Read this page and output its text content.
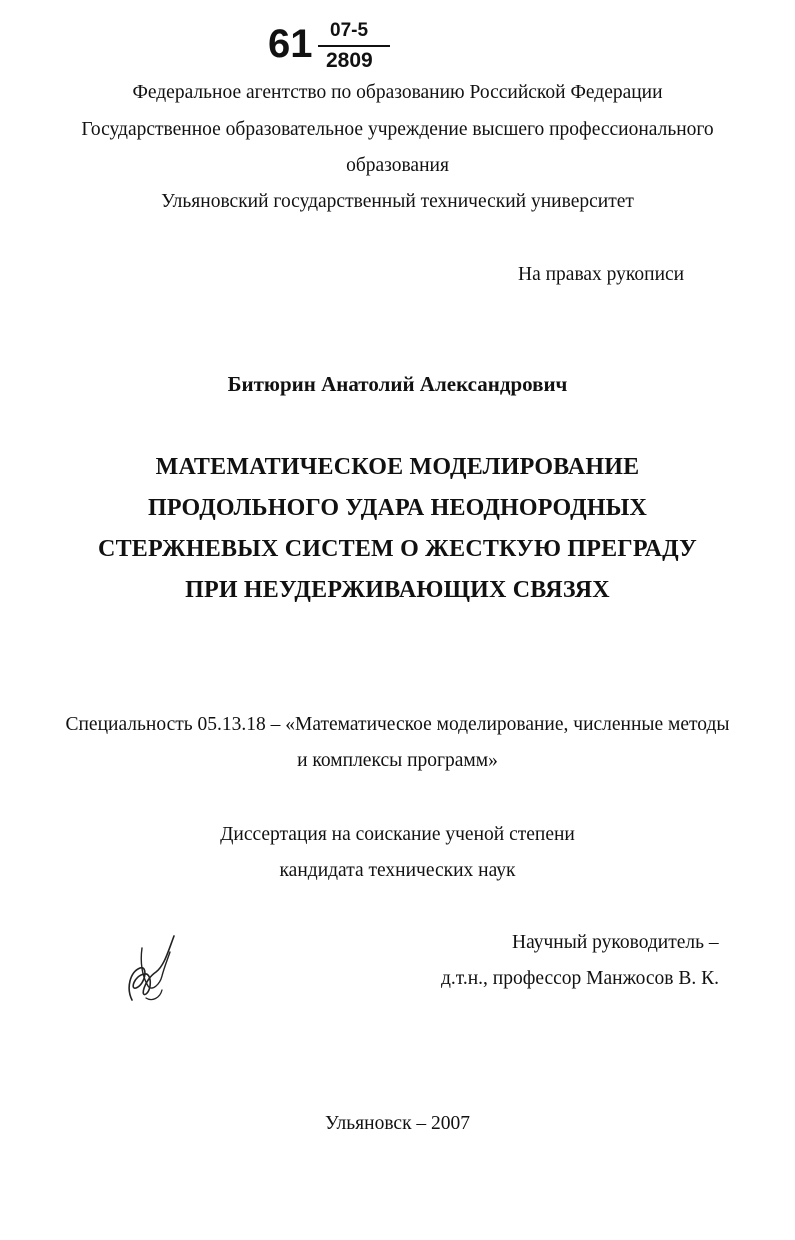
61 07-5
2809
Федеральное агентство по образованию Российской Федерации
Государственное образовательное учреждение высшего профессионального
образования
Ульяновский государственный технический университет
На правах рукописи
Битюрин Анатолий Александрович
МАТЕМАТИЧЕСКОЕ МОДЕЛИРОВАНИЕ
ПРОДОЛЬНОГО УДАРА НЕОДНОРОДНЫХ
СТЕРЖНЕВЫХ СИСТЕМ О ЖЕСТКУЮ ПРЕГРАДУ
ПРИ НЕУДЕРЖИВАЮЩИХ СВЯЗЯХ
Специальность 05.13.18 – «Математическое моделирование, численные методы
и комплексы программ»
Диссертация на соискание ученой степени
кандидата технических наук
Научный руководитель –
д.т.н., профессор Манжосов В. К.
Ульяновск – 2007
